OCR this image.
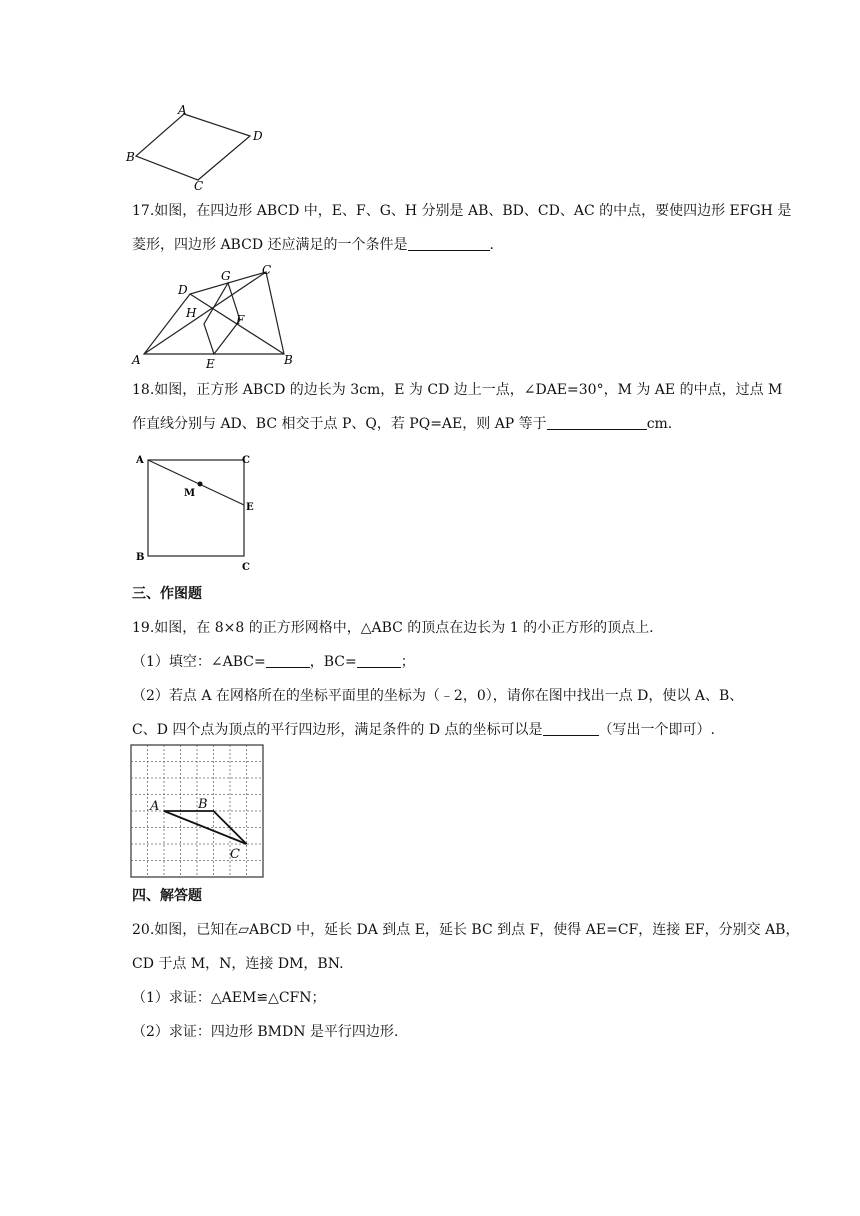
A
D
B
C
17.如图，在四边形 ABCD 中，E、F、G、H 分别是 AB、BD、CD、AC 的中点，要使四边形 EFGH 是
菱形，四边形 ABCD 还应满足的一个条件是	.
A	B
C
D
E
F
G
H
18.如图，正方形 ABCD 的边长为 3cm，E 为 CD 边上一点，∠DAE=30°，M 为 AE 的中点，过点 M
作直线分别与 AD、BC 相交于点 P、Q，若 PQ=AE，则 AP 等于	cm.
A	C
M
E
B
C
三、作图题
19.如图，在 8×8 的正方形网格中，△ABC 的顶点在边长为 1 的小正方形的顶点上.
（1）填空：∠ABC=	，BC=	；
（2）若点 A 在网格所在的坐标平面里的坐标为（﹣2，0），请你在图中找出一点 D，使以 A、B、
C、D 四个点为顶点的平行四边形，满足条件的 D 点的坐标可以是	（写出一个即可）.
A	B
C
四、解答题
20.如图，已知在▱ABCD 中，延长 DA 到点 E，延长 BC 到点 F，使得 AE=CF，连接 EF，分别交 AB，
CD 于点 M，N，连接 DM，BN.
（1）求证：△AEM≌△CFN；
（2）求证：四边形 BMDN 是平行四边形.
